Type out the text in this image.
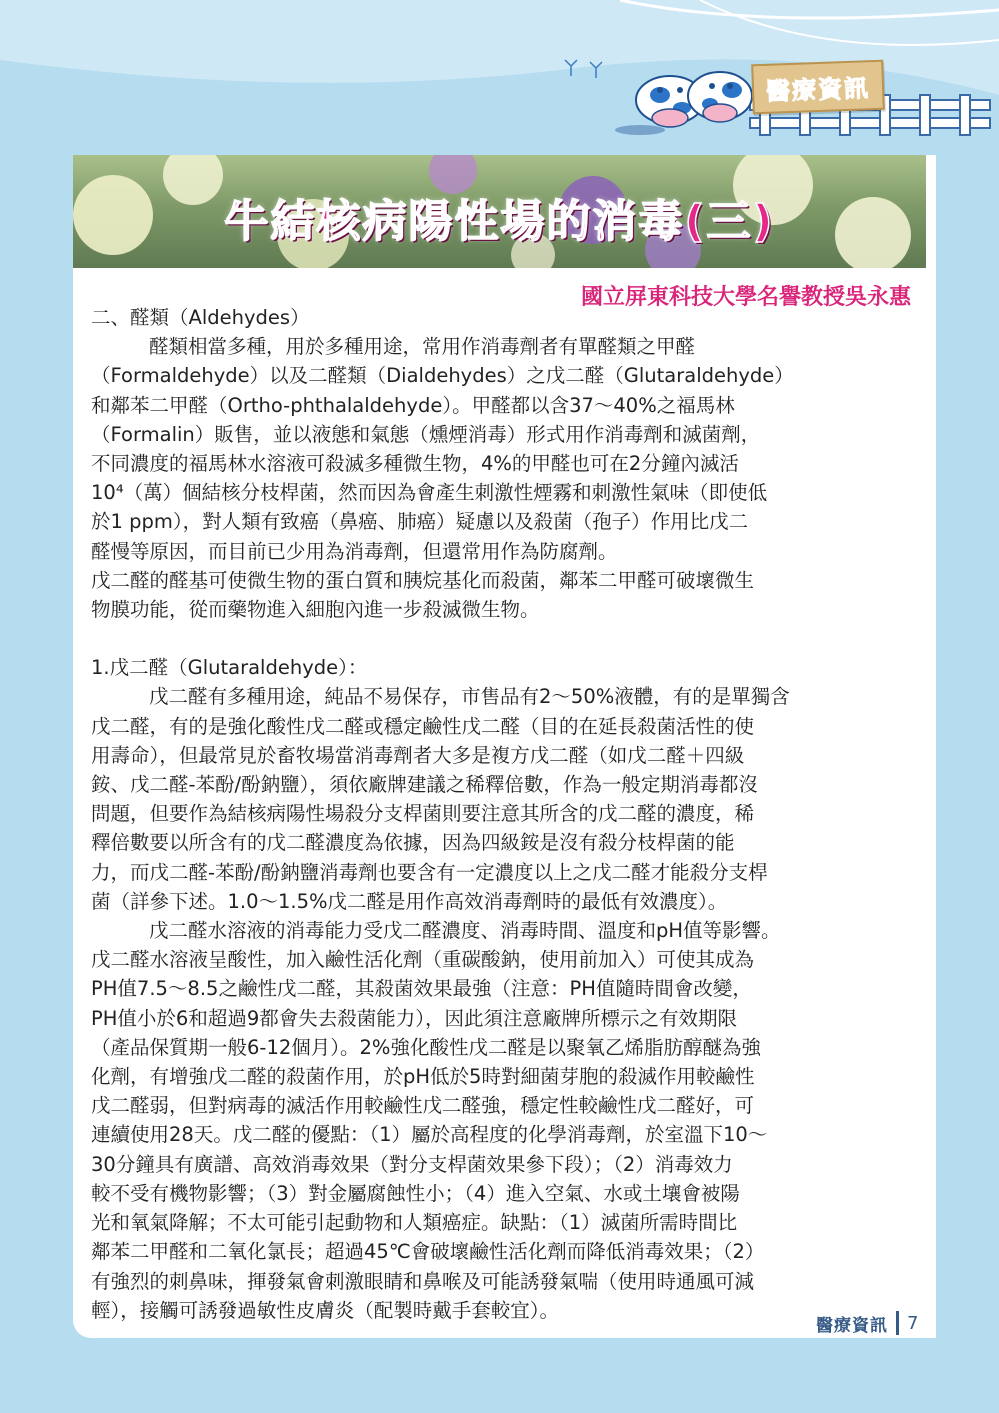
醫療資訊
牛結核病陽性場的消毒(三)
國立屏東科技大學名譽教授吳永惠

二、醛類（Aldehydes）

醛類相當多種，用於多種用途，常用作消毒劑者有單醛類之甲醛

（Formaldehyde）以及二醛類（Dialdehydes）之戊二醛（Glutaraldehyde）

和鄰苯二甲醛（Ortho-phthalaldehyde）。甲醛都以含37～40%之福馬林

（Formalin）販售，並以液態和氣態（燻煙消毒）形式用作消毒劑和滅菌劑，

不同濃度的福馬林水溶液可殺滅多種微生物，4%的甲醛也可在2分鐘內滅活

10⁴（萬）個結核分枝桿菌，然而因為會產生刺激性煙霧和刺激性氣味（即使低

於1 ppm），對人類有致癌（鼻癌、肺癌）疑慮以及殺菌（孢子）作用比戊二

醛慢等原因，而目前已少用為消毒劑，但還常用作為防腐劑。

戊二醛的醛基可使微生物的蛋白質和胰烷基化而殺菌，鄰苯二甲醛可破壞微生

物膜功能，從而藥物進入細胞內進一步殺滅微生物。

1.戊二醛（Glutaraldehyde）：

戊二醛有多種用途，純品不易保存，市售品有2～50%液體，有的是單獨含

戊二醛，有的是強化酸性戊二醛或穩定鹼性戊二醛（目的在延長殺菌活性的使

用壽命），但最常見於畜牧場當消毒劑者大多是複方戊二醛（如戊二醛＋四級

銨、戊二醛-苯酚/酚鈉鹽），須依廠牌建議之稀釋倍數，作為一般定期消毒都沒

問題，但要作為結核病陽性場殺分支桿菌則要注意其所含的戊二醛的濃度，稀

釋倍數要以所含有的戊二醛濃度為依據，因為四級銨是沒有殺分枝桿菌的能

力，而戊二醛-苯酚/酚鈉鹽消毒劑也要含有一定濃度以上之戊二醛才能殺分支桿

菌（詳參下述。1.0～1.5%戊二醛是用作高效消毒劑時的最低有效濃度）。

戊二醛水溶液的消毒能力受戊二醛濃度、消毒時間、溫度和pH值等影響。

戊二醛水溶液呈酸性，加入鹼性活化劑（重碳酸鈉，使用前加入）可使其成為

PH值7.5～8.5之鹼性戊二醛，其殺菌效果最強（注意：PH值隨時間會改變，

PH值小於6和超過9都會失去殺菌能力），因此須注意廠牌所標示之有效期限

（產品保質期一般6-12個月）。2%強化酸性戊二醛是以聚氧乙烯脂肪醇醚為強

化劑，有增強戊二醛的殺菌作用，於pH低於5時對細菌芽胞的殺滅作用較鹼性

戊二醛弱，但對病毒的滅活作用較鹼性戊二醛強，穩定性較鹼性戊二醛好，可

連續使用28天。戊二醛的優點：（1）屬於高程度的化學消毒劑，於室溫下10～

30分鐘具有廣譜、高效消毒效果（對分支桿菌效果參下段）；（2）消毒效力

較不受有機物影響；（3）對金屬腐蝕性小；（4）進入空氣、水或土壤會被陽

光和氧氣降解；不太可能引起動物和人類癌症。缺點：（1）滅菌所需時間比

鄰苯二甲醛和二氧化氯長；超過45℃會破壞鹼性活化劑而降低消毒效果；（2）

有強烈的刺鼻味，揮發氣會刺激眼睛和鼻喉及可能誘發氣喘（使用時通風可減

輕），接觸可誘發過敏性皮膚炎（配製時戴手套較宜）。

醫療資訊 7
